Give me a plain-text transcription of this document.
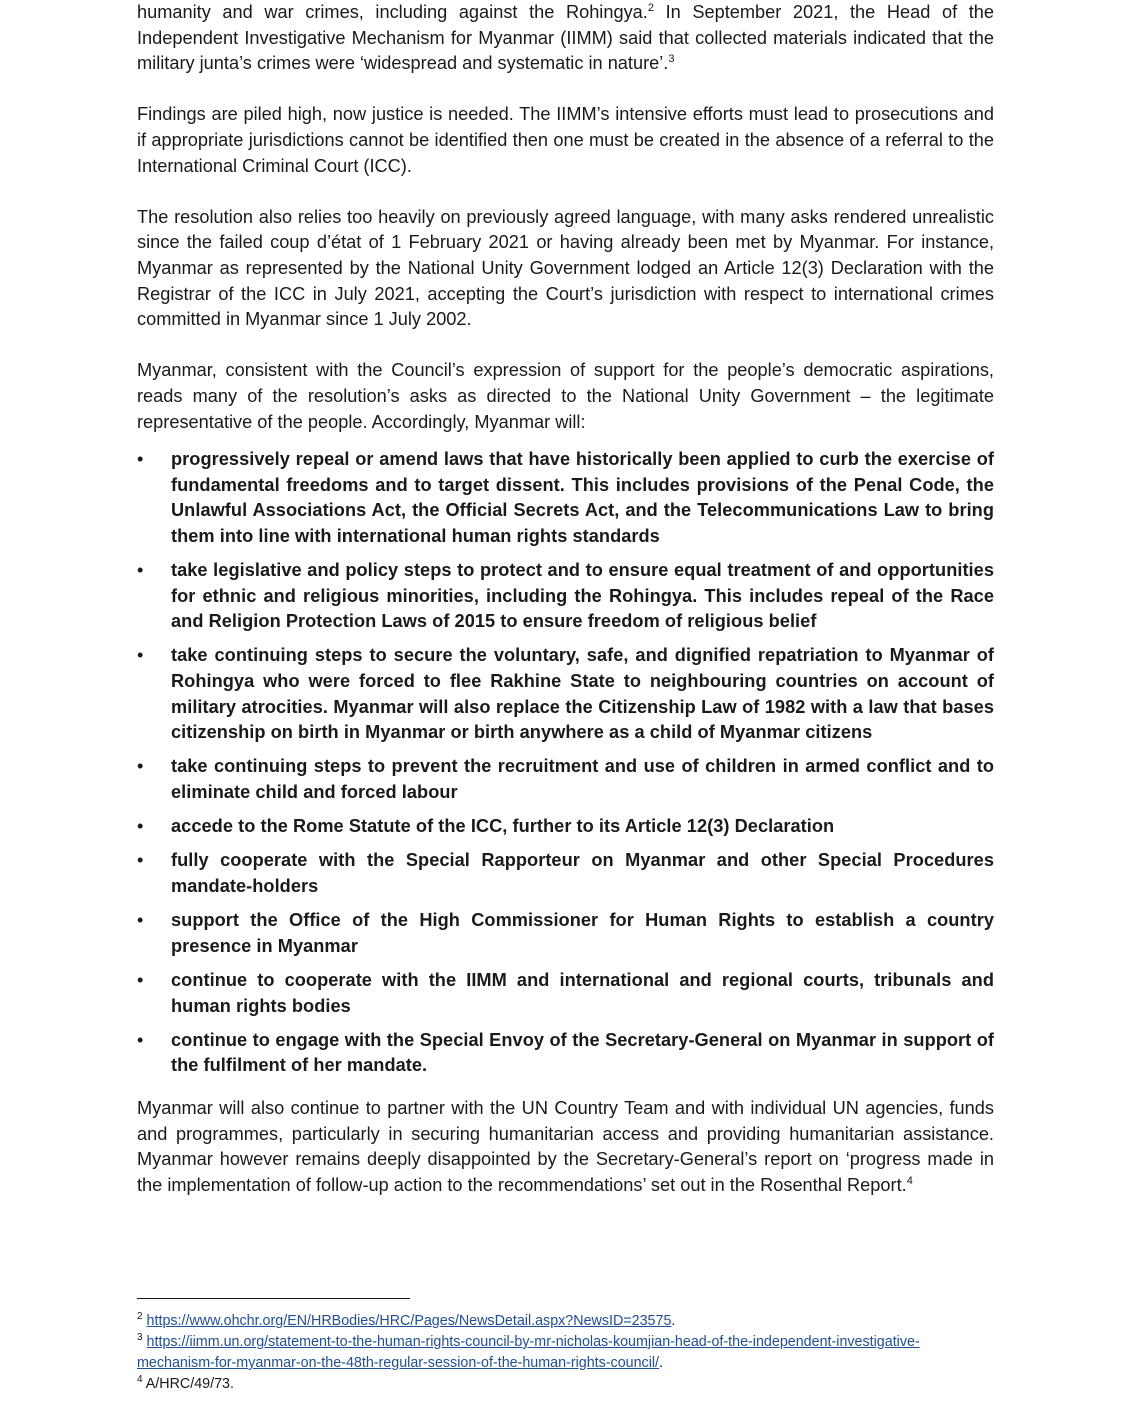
humanity and war crimes, including against the Rohingya.$^2$ In September 2021, the Head of the Independent Investigative Mechanism for Myanmar (IIMM) said that collected materials indicated that the military junta’s crimes were ‘widespread and systematic in nature’.$^3$

Findings are piled high, now justice is needed. The IIMM’s intensive efforts must lead to prosecutions and if appropriate jurisdictions cannot be identified then one must be created in the absence of a referral to the International Criminal Court (ICC).

The resolution also relies too heavily on previously agreed language, with many asks rendered unrealistic since the failed coup d’état of 1 February 2021 or having already been met by Myanmar. For instance, Myanmar as represented by the National Unity Government lodged an Article 12(3) Declaration with the Registrar of the ICC in July 2021, accepting the Court’s jurisdiction with respect to international crimes committed in Myanmar since 1 July 2002.

Myanmar, consistent with the Council’s expression of support for the people’s democratic aspirations, reads many of the resolution’s asks as directed to the National Unity Government – the legitimate representative of the people. Accordingly, Myanmar will:

•	progressively repeal or amend laws that have historically been applied to curb the exercise of fundamental freedoms and to target dissent. This includes provisions of the Penal Code, the Unlawful Associations Act, the Official Secrets Act, and the Telecommunications Law to bring them into line with international human rights standards
•	take legislative and policy steps to protect and to ensure equal treatment of and opportunities for ethnic and religious minorities, including the Rohingya. This includes repeal of the Race and Religion Protection Laws of 2015 to ensure freedom of religious belief
•	take continuing steps to secure the voluntary, safe, and dignified repatriation to Myanmar of Rohingya who were forced to flee Rakhine State to neighbouring countries on account of military atrocities. Myanmar will also replace the Citizenship Law of 1982 with a law that bases citizenship on birth in Myanmar or birth anywhere as a child of Myanmar citizens
•	take continuing steps to prevent the recruitment and use of children in armed conflict and to eliminate child and forced labour
•	accede to the Rome Statute of the ICC, further to its Article 12(3) Declaration
•	fully cooperate with the Special Rapporteur on Myanmar and other Special Procedures mandate-holders
•	support the Office of the High Commissioner for Human Rights to establish a country presence in Myanmar
•	continue to cooperate with the IIMM and international and regional courts, tribunals and human rights bodies
•	continue to engage with the Special Envoy of the Secretary-General on Myanmar in support of the fulfilment of her mandate.

Myanmar will also continue to partner with the UN Country Team and with individual UN agencies, funds and programmes, particularly in securing humanitarian access and providing humanitarian assistance. Myanmar however remains deeply disappointed by the Secretary-General’s report on ‘progress made in the implementation of follow-up action to the recommendations’ set out in the Rosenthal Report.$^4$

$^2$ https://www.ohchr.org/EN/HRBodies/HRC/Pages/NewsDetail.aspx?NewsID=23575.

$^3$ https://iimm.un.org/statement-to-the-human-rights-council-by-mr-nicholas-koumjian-head-of-the-independent-investigative-mechanism-for-myanmar-on-the-48th-regular-session-of-the-human-rights-council/.

$^4$ A/HRC/49/73.
